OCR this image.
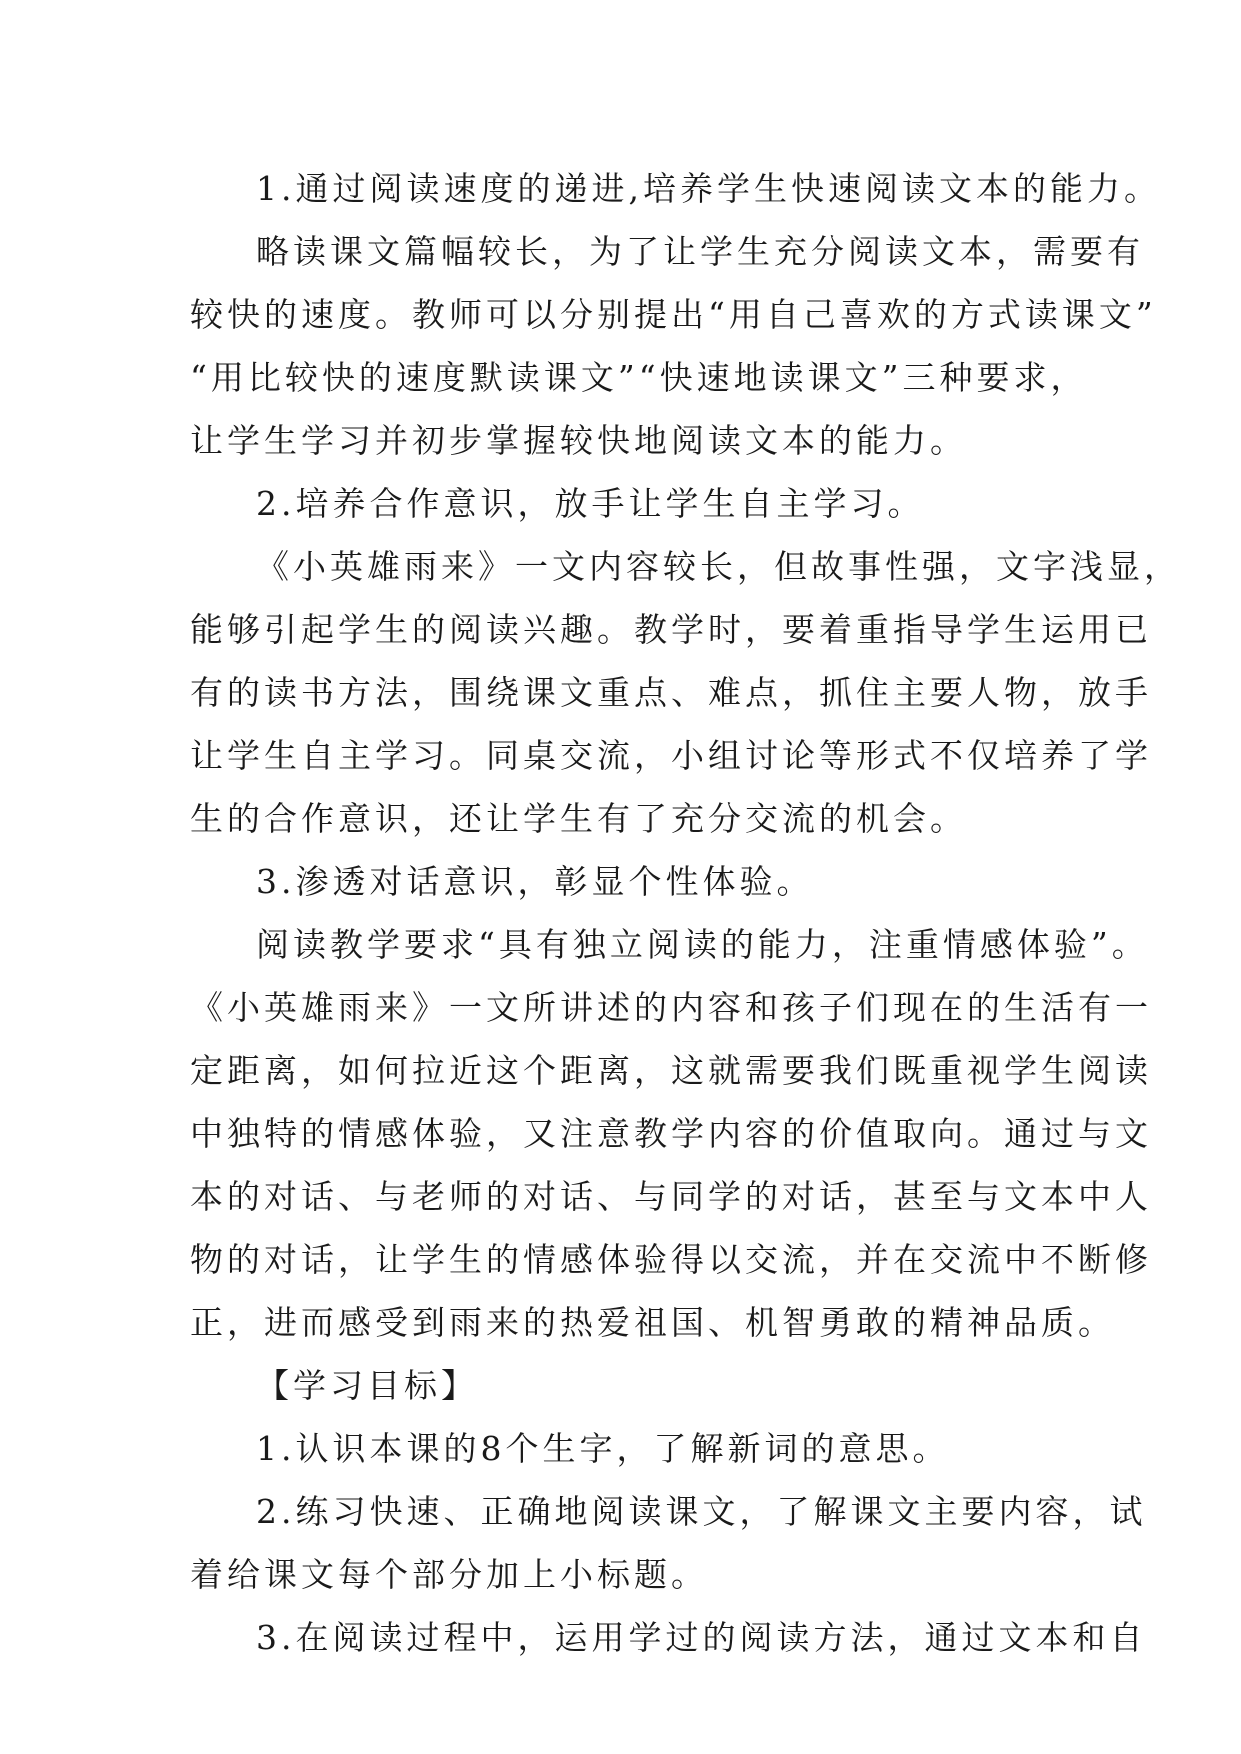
1.通过阅读速度的递进,培养学生快速阅读文本的能力。
略读课文篇幅较长，为了让学生充分阅读文本，需要有
较快的速度。教师可以分别提出“用自己喜欢的方式读课文”
“用比较快的速度默读课文”“快速地读课文”三种要求，
让学生学习并初步掌握较快地阅读文本的能力。
2.培养合作意识，放手让学生自主学习。
《小英雄雨来》一文内容较长，但故事性强，文字浅显，
能够引起学生的阅读兴趣。教学时，要着重指导学生运用已
有的读书方法，围绕课文重点、难点，抓住主要人物，放手
让学生自主学习。同桌交流，小组讨论等形式不仅培养了学
生的合作意识，还让学生有了充分交流的机会。
3.渗透对话意识，彰显个性体验。
阅读教学要求“具有独立阅读的能力，注重情感体验”。
《小英雄雨来》一文所讲述的内容和孩子们现在的生活有一
定距离，如何拉近这个距离，这就需要我们既重视学生阅读
中独特的情感体验，又注意教学内容的价值取向。通过与文
本的对话、与老师的对话、与同学的对话，甚至与文本中人
物的对话，让学生的情感体验得以交流，并在交流中不断修
正，进而感受到雨来的热爱祖国、机智勇敢的精神品质。
【学习目标】
1.认识本课的8个生字，了解新词的意思。
2.练习快速、正确地阅读课文，了解课文主要内容，试
着给课文每个部分加上小标题。
3.在阅读过程中，运用学过的阅读方法，通过文本和自
